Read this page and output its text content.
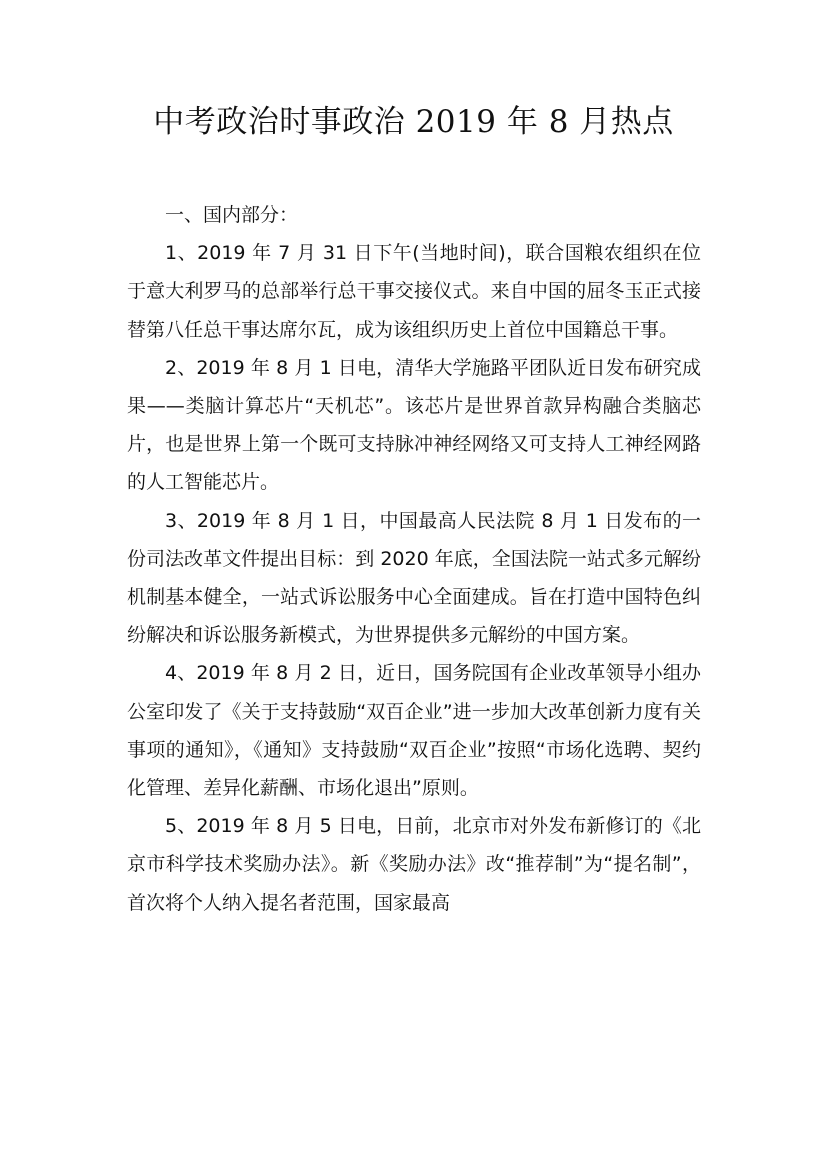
中考政治时事政治 2019 年 8 月热点

一、国内部分：

1、2019 年 7 月 31 日下午(当地时间)，联合国粮农组织在位于意大利罗马的总部举行总干事交接仪式。来自中国的屈冬玉正式接替第八任总干事达席尔瓦，成为该组织历史上首位中国籍总干事。

2、2019 年 8 月 1 日电，清华大学施路平团队近日发布研究成果——类脑计算芯片“天机芯”。该芯片是世界首款异构融合类脑芯片，也是世界上第一个既可支持脉冲神经网络又可支持人工神经网路的人工智能芯片。

3、2019 年 8 月 1 日，中国最高人民法院 8 月 1 日发布的一份司法改革文件提出目标：到 2020 年底，全国法院一站式多元解纷机制基本健全，一站式诉讼服务中心全面建成。旨在打造中国特色纠纷解决和诉讼服务新模式，为世界提供多元解纷的中国方案。

4、2019 年 8 月 2 日，近日，国务院国有企业改革领导小组办公室印发了《关于支持鼓励“双百企业”进一步加大改革创新力度有关事项的通知》，《通知》支持鼓励“双百企业”按照“市场化选聘、契约化管理、差异化薪酬、市场化退出”原则。

5、2019 年 8 月 5 日电，日前，北京市对外发布新修订的《北京市科学技术奖励办法》。新《奖励办法》改“推荐制”为“提名制”，首次将个人纳入提名者范围，国家最高
